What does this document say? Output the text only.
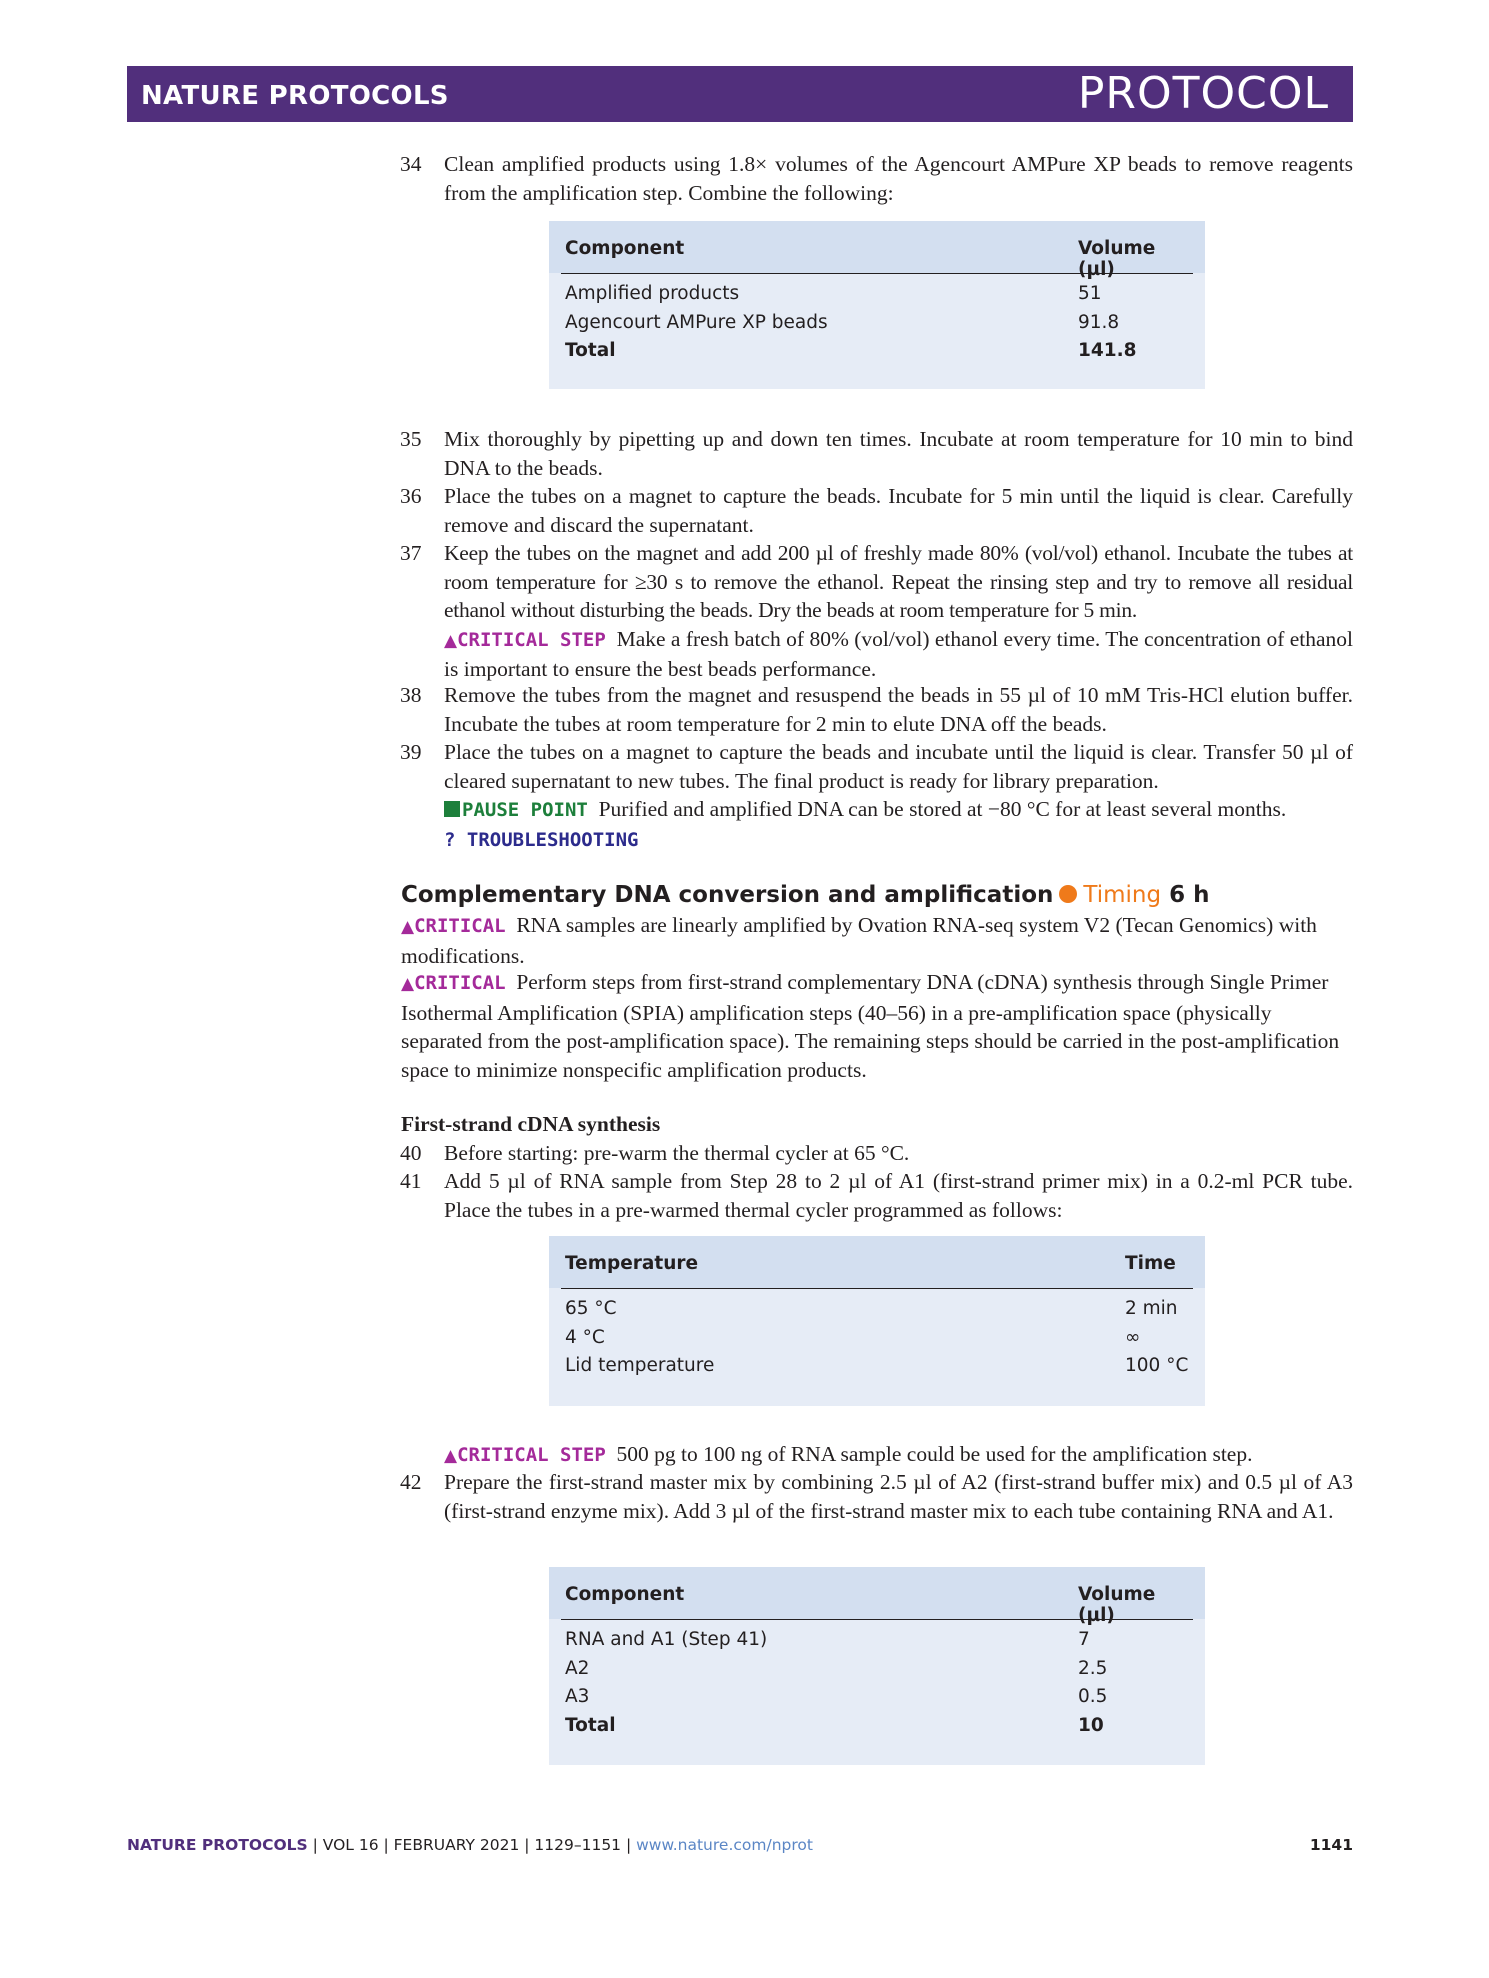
NATURE PROTOCOLS	PROTOCOL
34 Clean amplified products using 1.8× volumes of the Agencourt AMPure XP beads to remove reagents from the amplification step. Combine the following:

Component	Volume (µl)
Amplified products	51
Agencourt AMPure XP beads	91.8
Total	141.8
35 Mix thoroughly by pipetting up and down ten times. Incubate at room temperature for 10 min to bind DNA to the beads.

36 Place the tubes on a magnet to capture the beads. Incubate for 5 min until the liquid is clear. Carefully remove and discard the supernatant.

37 Keep the tubes on the magnet and add 200 µl of freshly made 80% (vol/vol) ethanol. Incubate the tubes at room temperature for ≥30 s to remove the ethanol. Repeat the rinsing step and try to remove all residual ethanol without disturbing the beads. Dry the beads at room temperature for 5 min.

▲CRITICAL STEP Make a fresh batch of 80% (vol/vol) ethanol every time. The concentration of ethanol is important to ensure the best beads performance.

38 Remove the tubes from the magnet and resuspend the beads in 55 µl of 10 mM Tris-HCl elution buffer. Incubate the tubes at room temperature for 2 min to elute DNA off the beads.

39 Place the tubes on a magnet to capture the beads and incubate until the liquid is clear. Transfer 50 µl of cleared supernatant to new tubes. The final product is ready for library preparation.

PAUSE POINT Purified and amplified DNA can be stored at −80 °C for at least several months.

? TROUBLESHOOTING

Complementary DNA conversion and amplification Timing 6 h

▲CRITICAL RNA samples are linearly amplified by Ovation RNA-seq system V2 (Tecan Genomics) with modifications.

▲CRITICAL Perform steps from first-strand complementary DNA (cDNA) synthesis through Single Primer Isothermal Amplification (SPIA) amplification steps (40–56) in a pre-amplification space (physically separated from the post-amplification space). The remaining steps should be carried in the post-amplification space to minimize nonspecific amplification products.

First-strand cDNA synthesis
40 Before starting: pre-warm the thermal cycler at 65 °C.

41 Add 5 µl of RNA sample from Step 28 to 2 µl of A1 (first-strand primer mix) in a 0.2-ml PCR tube. Place the tubes in a pre-warmed thermal cycler programmed as follows:

Temperature	Time
65 °C	2 min
4 °C	∞
Lid temperature	100 °C

▲CRITICAL STEP 500 pg to 100 ng of RNA sample could be used for the amplification step.

42 Prepare the first-strand master mix by combining 2.5 µl of A2 (first-strand buffer mix) and 0.5 µl of A3 (first-strand enzyme mix). Add 3 µl of the first-strand master mix to each tube containing RNA and A1.

Component	Volume (µl)
RNA and A1 (Step 41)	7
A2	2.5
A3	0.5
Total	10
NATURE PROTOCOLS | VOL 16 | FEBRUARY 2021 | 1129–1151 | www.nature.com/nprot	1141
